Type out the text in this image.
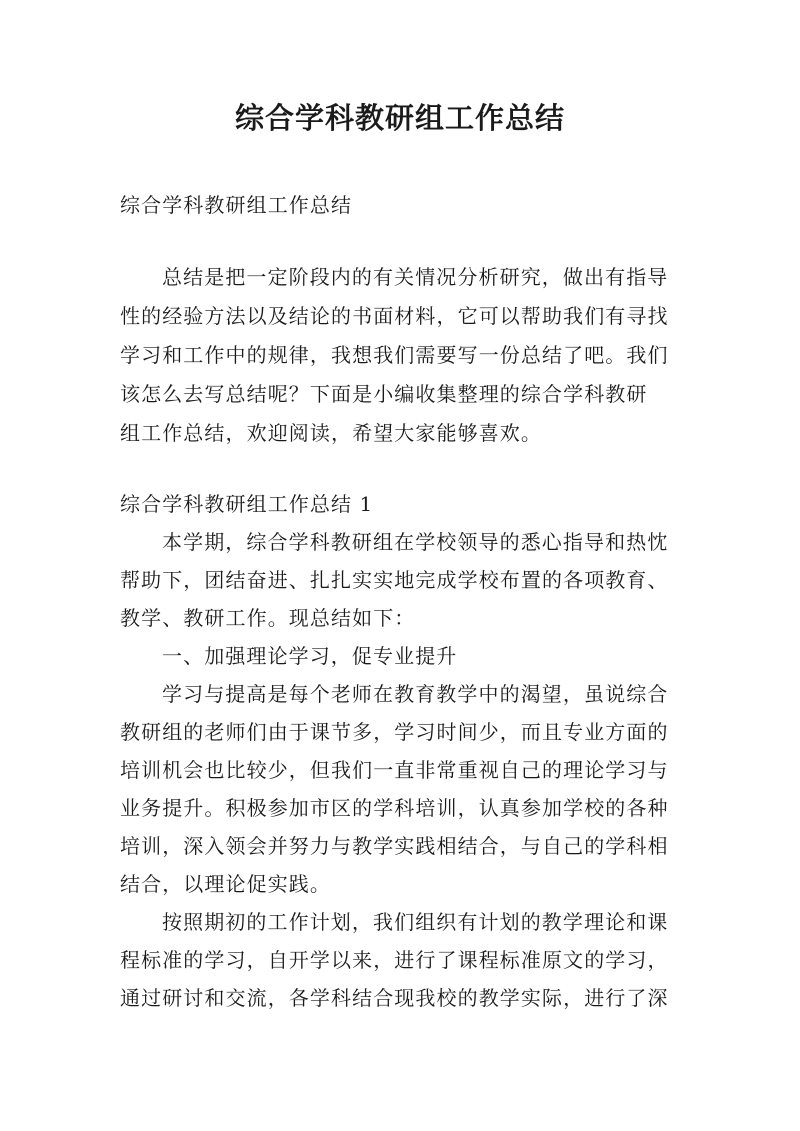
综合学科教研组工作总结
综合学科教研组工作总结
总结是把一定阶段内的有关情况分析研究，做出有指导
性的经验方法以及结论的书面材料，它可以帮助我们有寻找
学习和工作中的规律，我想我们需要写一份总结了吧。我们
该怎么去写总结呢？下面是小编收集整理的综合学科教研
组工作总结，欢迎阅读，希望大家能够喜欢。
综合学科教研组工作总结 1
本学期，综合学科教研组在学校领导的悉心指导和热忱
帮助下，团结奋进、扎扎实实地完成学校布置的各项教育、
教学、教研工作。现总结如下：
一、加强理论学习，促专业提升
学习与提高是每个老师在教育教学中的渴望，虽说综合
教研组的老师们由于课节多，学习时间少，而且专业方面的
培训机会也比较少，但我们一直非常重视自己的理论学习与
业务提升。积极参加市区的学科培训，认真参加学校的各种
培训，深入领会并努力与教学实践相结合，与自己的学科相
结合，以理论促实践。
按照期初的工作计划，我们组织有计划的教学理论和课
程标准的学习，自开学以来，进行了课程标准原文的学习，
通过研讨和交流，各学科结合现我校的教学实际，进行了深
